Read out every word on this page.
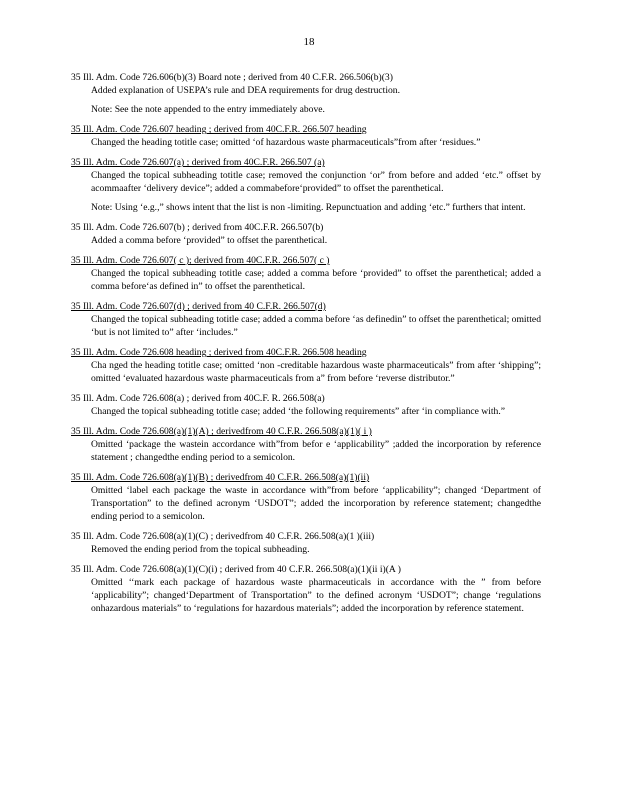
18
35 Ill. Adm. Code 726.606(b)(3) Board note ; derived from 40 C.F.R. 266.506(b)(3)
Added explanation of USEPA’s rule and DEA requirements for drug destruction.
Note: See the note appended to the entry immediately above.
35 Ill. Adm. Code 726.607 heading ; derived from 40C.F.R. 266.507 heading
Changed the heading totitle case; omitted ‘of hazardous waste pharmaceuticals”from after ‘residues.”
35 Ill. Adm. Code 726.607(a) ; derived from 40C.F.R. 266.507 (a)
Changed the topical subheading totitle case; removed the conjunction ‘or” from before and added ‘etc.” offset by acommaafter ‘delivery device”; added a commabefore‘provided” to offset the parenthetical.
Note: Using ‘e.g.,” shows intent that the list is non -limiting. Repunctuation and adding ‘etc.” furthers that intent.
35 Ill. Adm. Code 726.607(b) ; derived from 40C.F.R. 266.507(b)
Added a comma before ‘provided” to offset the parenthetical.
35 Ill. Adm. Code 726.607( c ); derived from 40C.F.R. 266.507( c )
Changed the topical subheading totitle case; added a comma before ‘provided” to offset the parenthetical; added a comma before‘as defined in” to offset the parenthetical.
35 Ill. Adm. Code 726.607(d) ; derived from 40 C.F.R. 266.507(d)
Changed the topical subheading totitle case; added a comma before ‘as definedin” to offset the parenthetical; omitted ‘but is not limited to” after ‘includes.”
35 Ill. Adm. Code 726.608 heading ; derived from 40C.F.R. 266.508 heading
Cha nged the heading totitle case; omitted ‘non -creditable hazardous waste pharmaceuticals” from after ‘shipping”; omitted ‘evaluated hazardous waste pharmaceuticals from a” from before ‘reverse distributor.”
35 Ill. Adm. Code 726.608(a) ; derived from 40C.F. R. 266.508(a)
Changed the topical subheading totitle case; added ‘the following requirements” after ‘in compliance with.”
35 Ill. Adm. Code 726.608(a)(1)(A) ; derivedfrom 40 C.F.R. 266.508(a)(1)( i )
Omitted ‘package the wastein accordance with”from befor e ‘applicability” ;added the incorporation by reference statement ; changedthe ending period to a semicolon.
35 Ill. Adm. Code 726.608(a)(1)(B) ; derivedfrom 40 C.F.R. 266.508(a)(1)(ii)
Omitted ‘label each package the waste in accordance with”from before ‘applicability”; changed ‘Department of Transportation” to the defined acronym ‘USDOT”; added the incorporation by reference statement; changedthe ending period to a semicolon.
35 Ill. Adm. Code 726.608(a)(1)(C) ; derivedfrom 40 C.F.R. 266.508(a)(1 )(iii)
Removed the ending period from the topical subheading.
35 Ill. Adm. Code 726.608(a)(1)(C)(i) ; derived from 40 C.F.R. 266.508(a)(1)(ii i)(A )
Omitted ‘‘mark each package of hazardous waste pharmaceuticals in accordance with the ” from before ‘applicability”; changed‘Department of Transportation” to the defined acronym ‘USDOT”; change ‘regulations onhazardous materials” to ‘regulations for hazardous materials”; added the incorporation by reference statement.
